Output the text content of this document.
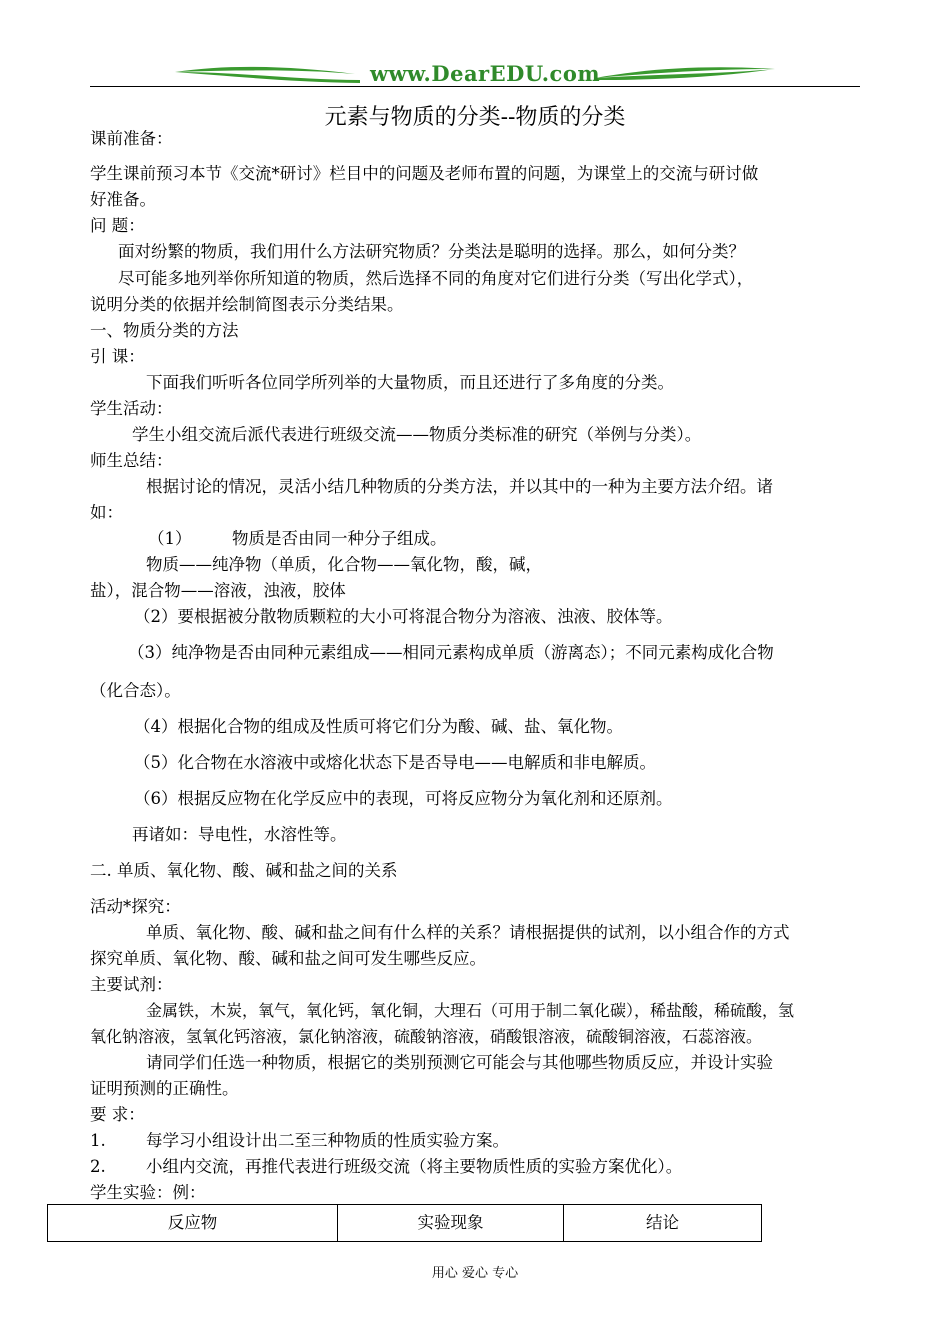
www.DearEDU.com
元素与物质的分类--物质的分类
课前准备：
学生课前预习本节《交流*研讨》栏目中的问题及老师布置的问题，为课堂上的交流与研讨做
好准备。
问 题：
面对纷繁的物质，我们用什么方法研究物质？分类法是聪明的选择。那么，如何分类？
尽可能多地列举你所知道的物质，然后选择不同的角度对它们进行分类（写出化学式），
说明分类的依据并绘制简图表示分类结果。
一、物质分类的方法
引 课：
下面我们听听各位同学所列举的大量物质，而且还进行了多角度的分类。
学生活动：
学生小组交流后派代表进行班级交流——物质分类标准的研究（举例与分类）。
师生总结：
根据讨论的情况，灵活小结几种物质的分类方法，并以其中的一种为主要方法介绍。诸
如：
（1） 物质是否由同一种分子组成。
物质——纯净物（单质，化合物——氧化物，酸，碱，
盐），混合物——溶液，浊液，胶体
（2）要根据被分散物质颗粒的大小可将混合物分为溶液、浊液、胶体等。
（3）纯净物是否由同种元素组成——相同元素构成单质（游离态）；不同元素构成化合物
（化合态）。
（4）根据化合物的组成及性质可将它们分为酸、碱、盐、氧化物。
（5）化合物在水溶液中或熔化状态下是否导电——电解质和非电解质。
（6）根据反应物在化学反应中的表现，可将反应物分为氧化剂和还原剂。
再诸如：导电性，水溶性等。
二. 单质、氧化物、酸、碱和盐之间的关系
活动*探究：
单质、氧化物、酸、碱和盐之间有什么样的关系？请根据提供的试剂，以小组合作的方式
探究单质、氧化物、酸、碱和盐之间可发生哪些反应。
主要试剂：
金属铁，木炭，氧气，氧化钙，氧化铜，大理石（可用于制二氧化碳），稀盐酸，稀硫酸，氢
氧化钠溶液，氢氧化钙溶液，氯化钠溶液，硫酸钠溶液，硝酸银溶液，硫酸铜溶液，石蕊溶液。
请同学们任选一种物质，根据它的类别预测它可能会与其他哪些物质反应，并设计实验
证明预测的正确性。
要 求：
1. 每学习小组设计出二至三种物质的性质实验方案。
2. 小组内交流，再推代表进行班级交流（将主要物质性质的实验方案优化）。
学生实验：例：
反应物	实验现象	结论
用心 爱心 专心
